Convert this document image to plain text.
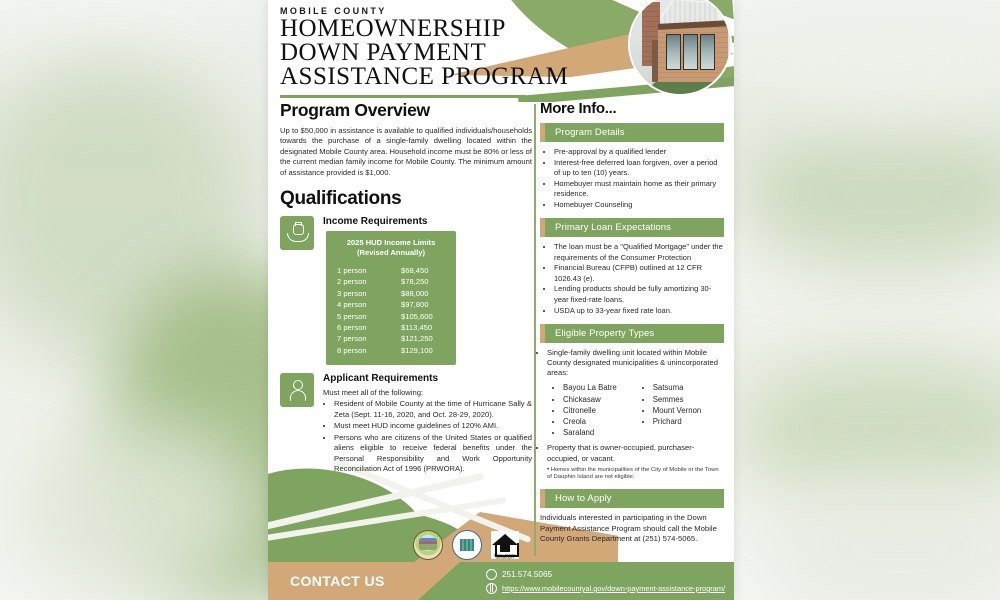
MOBILE COUNTY
HOMEOWNERSHIP
DOWN PAYMENT
ASSISTANCE PROGRAM
Program Overview
Up to $50,000 in assistance is available to qualified individuals/households towards the purchase of a single-family dwelling located within the designated Mobile County area. Household income must be 80% or less of the current median family income for Mobile County. The minimum amount of assistance provided is $1,000.
Qualifications
Income Requirements
2025 HUD Income Limits
(Revised Annually)
1 person	$68,450
2 person	$78,250
3 person	$88,000
4 person	$97,800
5 person	$105,600
6 person	$113,450
7 person	$121,250
8 person	$129,100
Applicant Requirements
Must meet all of the following:
• Resident of Mobile County at the time of Hurricane Sally & Zeta (Sept. 11-16, 2020, and Oct. 28-29, 2020).
• Must meet HUD income guidelines of 120% AMI.
• Persons who are citizens of the United States or qualified aliens eligible to receive federal benefits under the Personal Responsibility and Work Opportunity Reconciliation Act of 1996 (PRWORA).
More Info...
Program Details
• Pre-approval by a qualified lender
• Interest-free deferred loan forgiven, over a period of up to ten (10) years.
• Homebuyer must maintain home as their primary residence.
• Homebuyer Counseling
Primary Loan Expectations
• The loan must be a "Qualified Mortgage" under the requirements of the Consumer Protection
• Financial Bureau (CFPB) outlined at 12 CFR 1026.43 (e).
• Lending products should be fully amortizing 30-year fixed-rate loans.
• USDA up to 33-year fixed rate loan.
Eligible Property Types
• Single-family dwelling unit located within Mobile County designated municipalities & unincorporated areas:
• Bayou La Batre
• Chickasaw
• Citronelle
• Creola
• Saraland
• Satsuma
• Semmes
• Mount Vernon
• Prichard
• Property that is owner-occupied, purchaser-occupied, or vacant.
• Homes within the municipalities of the City of Mobile or the Town of Dauphin Island are not eligible.
How to Apply
Individuals interested in participating in the Down Payment Assistance Program should call the Mobile County Grants Department at (251) 574-5065.
EQUAL HOUSING
OPPORTUNITY
CONTACT US	251.574.5065
https://www.mobilecountyal.gov/down-payment-assistance-program/
